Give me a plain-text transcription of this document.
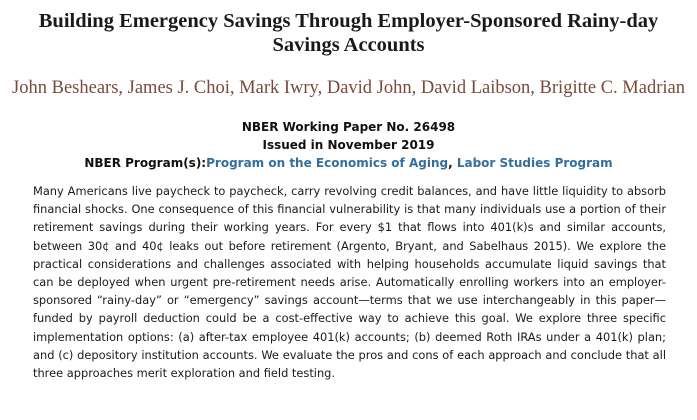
Building Emergency Savings Through Employer-Sponsored Rainy-day Savings Accounts
John Beshears, James J. Choi, Mark Iwry, David John, David Laibson, Brigitte C. Madrian
NBER Working Paper No. 26498
Issued in November 2019
NBER Program(s):Program on the Economics of Aging, Labor Studies Program

Many Americans live paycheck to paycheck, carry revolving credit balances, and have little liquidity to absorb financial shocks. One consequence of this financial vulnerability is that many individuals use a portion of their retirement savings during their working years. For every $1 that flows into 401(k)s and similar accounts, between 30¢ and 40¢ leaks out before retirement (Argento, Bryant, and Sabelhaus 2015). We explore the practical considerations and challenges associated with helping households accumulate liquid savings that can be deployed when urgent pre-retirement needs arise. Automatically enrolling workers into an employer-sponsored “rainy-day” or “emergency” savings account—terms that we use interchangeably in this paper—funded by payroll deduction could be a cost-effective way to achieve this goal. We explore three specific implementation options: (a) after-tax employee 401(k) accounts; (b) deemed Roth IRAs under a 401(k) plan; and (c) depository institution accounts. We evaluate the pros and cons of each approach and conclude that all three approaches merit exploration and field testing.
